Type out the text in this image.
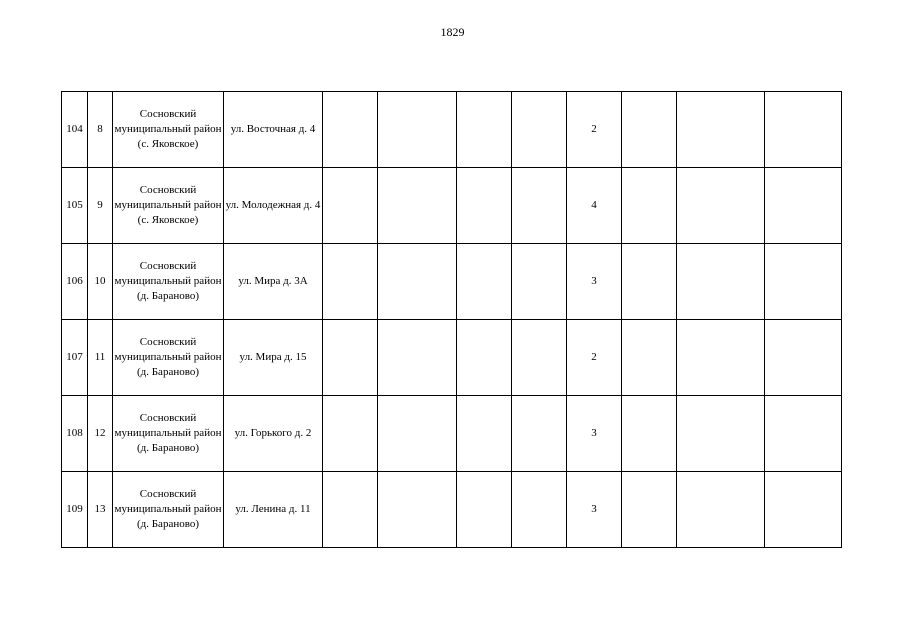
1829
104	8	Сосновский муниципальный район (с. Яковское)	ул. Восточная д. 4					2			
105	9	Сосновский муниципальный район (с. Яковское)	ул. Молодежная д. 4					4			
106	10	Сосновский муниципальный район (д. Бараново)	ул. Мира д. 3А					3			
107	11	Сосновский муниципальный район (д. Бараново)	ул. Мира д. 15					2			
108	12	Сосновский муниципальный район (д. Бараново)	ул. Горького д. 2					3			
109	13	Сосновский муниципальный район (д. Бараново)	ул. Ленина д. 11					3			
